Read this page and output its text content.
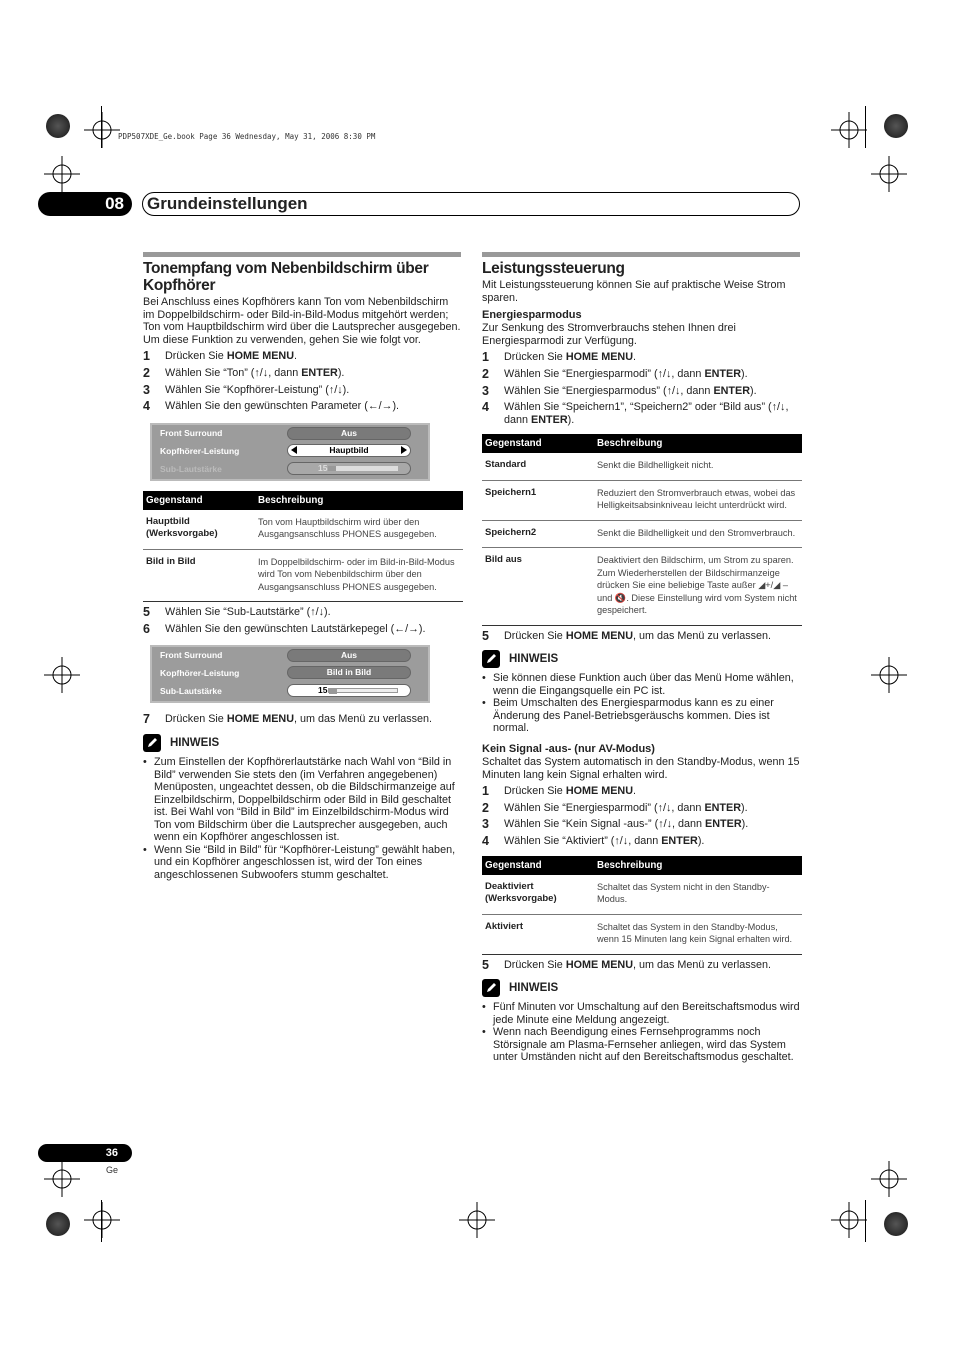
PDP507XDE_Ge.book Page 36 Wednesday, May 31, 2006 8:30 PM
08	Grundeinstellungen
Tonempfang vom Nebenbildschirm über Kopfhörer

Bei Anschluss eines Kopfhörers kann Ton vom Nebenbildschirm im Doppelbildschirm- oder Bild-in-Bild-Modus mitgehört werden; Ton vom Hauptbildschirm wird über die Lautsprecher ausgegeben. Um diese Funktion zu verwenden, gehen Sie wie folgt vor.

1	Drücken Sie HOME MENU.
2	Wählen Sie “Ton” (↑/↓, dann ENTER).
3	Wählen Sie “Kopfhörer-Leistung” (↑/↓).
4	Wählen Sie den gewünschten Parameter (←/→).
Front Surround	Aus
Kopfhörer-Leistung	Hauptbild
Sub-Lautstärke	15
Gegenstand	Beschreibung
Hauptbild (Werksvorgabe)	Ton vom Hauptbildschirm wird über den Ausgangsanschluss PHONES ausgegeben.
Bild in Bild	Im Doppelbildschirm- oder im Bild-in-Bild-Modus wird Ton vom Nebenbildschirm über den Ausgangsanschluss PHONES ausgegeben.
5	Wählen Sie “Sub-Lautstärke” (↑/↓).
6	Wählen Sie den gewünschten Lautstärkepegel (←/→).
Front Surround	Aus
Kopfhörer-Leistung	Bild in Bild
Sub-Lautstärke	15
7	Drücken Sie HOME MENU, um das Menü zu verlassen.
HINWEIS
• Zum Einstellen der Kopfhörerlautstärke nach Wahl von “Bild in Bild” verwenden Sie stets den (im Verfahren angegebenen) Menüposten, ungeachtet dessen, ob die Bildschirmanzeige auf Einzelbildschirm, Doppelbildschirm oder Bild in Bild geschaltet ist. Bei Wahl von “Bild in Bild” im Einzelbildschirm-Modus wird Ton vom Bildschirm über die Lautsprecher ausgegeben, auch wenn ein Kopfhörer angeschlossen ist.
• Wenn Sie “Bild in Bild” für “Kopfhörer-Leistung” gewählt haben, und ein Kopfhörer angeschlossen ist, wird der Ton eines angeschlossenen Subwoofers stumm geschaltet.
Leistungssteuerung

Mit Leistungssteuerung können Sie auf praktische Weise Strom sparen.

Energiesparmodus

Zur Senkung des Stromverbrauchs stehen Ihnen drei Energiesparmodi zur Verfügung.

1	Drücken Sie HOME MENU.
2	Wählen Sie “Energiesparmodi” (↑/↓, dann ENTER).
3	Wählen Sie “Energiesparmodus” (↑/↓, dann ENTER).
4	Wählen Sie “Speichern1”, “Speichern2” oder “Bild aus” (↑/↓, dann ENTER).
Gegenstand	Beschreibung
Standard	Senkt die Bildhelligkeit nicht.
Speichern1	Reduziert den Stromverbrauch etwas, wobei das Helligkeitsabsinkniveau leicht unterdrückt wird.
Speichern2	Senkt die Bildhelligkeit und den Stromverbrauch.
Bild aus	Deaktiviert den Bildschirm, um Strom zu sparen. Zum Wiederherstellen der Bildschirmanzeige drücken Sie eine beliebige Taste außer ◢+/◢ – und 🔇. Diese Einstellung wird vom System nicht gespeichert.
5	Drücken Sie HOME MENU, um das Menü zu verlassen.
HINWEIS
• Sie können diese Funktion auch über das Menü Home wählen, wenn die Eingangsquelle ein PC ist.
• Beim Umschalten des Energiesparmodus kann es zu einer Änderung des Panel-Betriebsgeräuschs kommen. Dies ist normal.
Kein Signal -aus- (nur AV-Modus)

Schaltet das System automatisch in den Standby-Modus, wenn 15 Minuten lang kein Signal erhalten wird.

1	Drücken Sie HOME MENU.
2	Wählen Sie “Energiesparmodi” (↑/↓, dann ENTER).
3	Wählen Sie “Kein Signal -aus-” (↑/↓, dann ENTER).
4	Wählen Sie “Aktiviert” (↑/↓, dann ENTER).
Gegenstand	Beschreibung
Deaktiviert (Werksvorgabe)	Schaltet das System nicht in den Standby-Modus.
Aktiviert	Schaltet das System in den Standby-Modus, wenn 15 Minuten lang kein Signal erhalten wird.
5	Drücken Sie HOME MENU, um das Menü zu verlassen.
HINWEIS
• Fünf Minuten vor Umschaltung auf den Bereitschaftsmodus wird jede Minute eine Meldung angezeigt.
• Wenn nach Beendigung eines Fernsehprogramms noch Störsignale am Plasma-Fernseher anliegen, wird das System unter Umständen nicht auf den Bereitschaftsmodus geschaltet.
36
Ge
